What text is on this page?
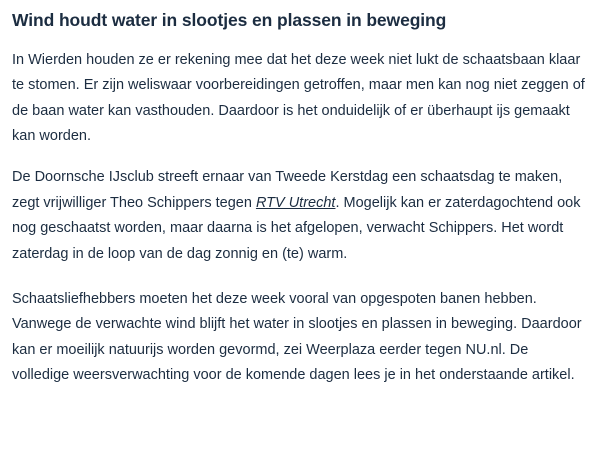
Wind houdt water in slootjes en plassen in beweging

In Wierden houden ze er rekening mee dat het deze week niet lukt de schaatsbaan klaar te stomen. Er zijn weliswaar voorbereidingen getroffen, maar men kan nog niet zeggen of de baan water kan vasthouden. Daardoor is het onduidelijk of er überhaupt ijs gemaakt kan worden.

De Doornsche IJsclub streeft ernaar van Tweede Kerstdag een schaatsdag te maken, zegt vrijwilliger Theo Schippers tegen RTV Utrecht. Mogelijk kan er zaterdagochtend ook nog geschaatst worden, maar daarna is het afgelopen, verwacht Schippers. Het wordt zaterdag in de loop van de dag zonnig en (te) warm.

Schaatsliefhebbers moeten het deze week vooral van opgespoten banen hebben. Vanwege de verwachte wind blijft het water in slootjes en plassen in beweging. Daardoor kan er moeilijk natuurijs worden gevormd, zei Weerplaza eerder tegen NU.nl. De volledige weersverwachting voor de komende dagen lees je in het onderstaande artikel.
